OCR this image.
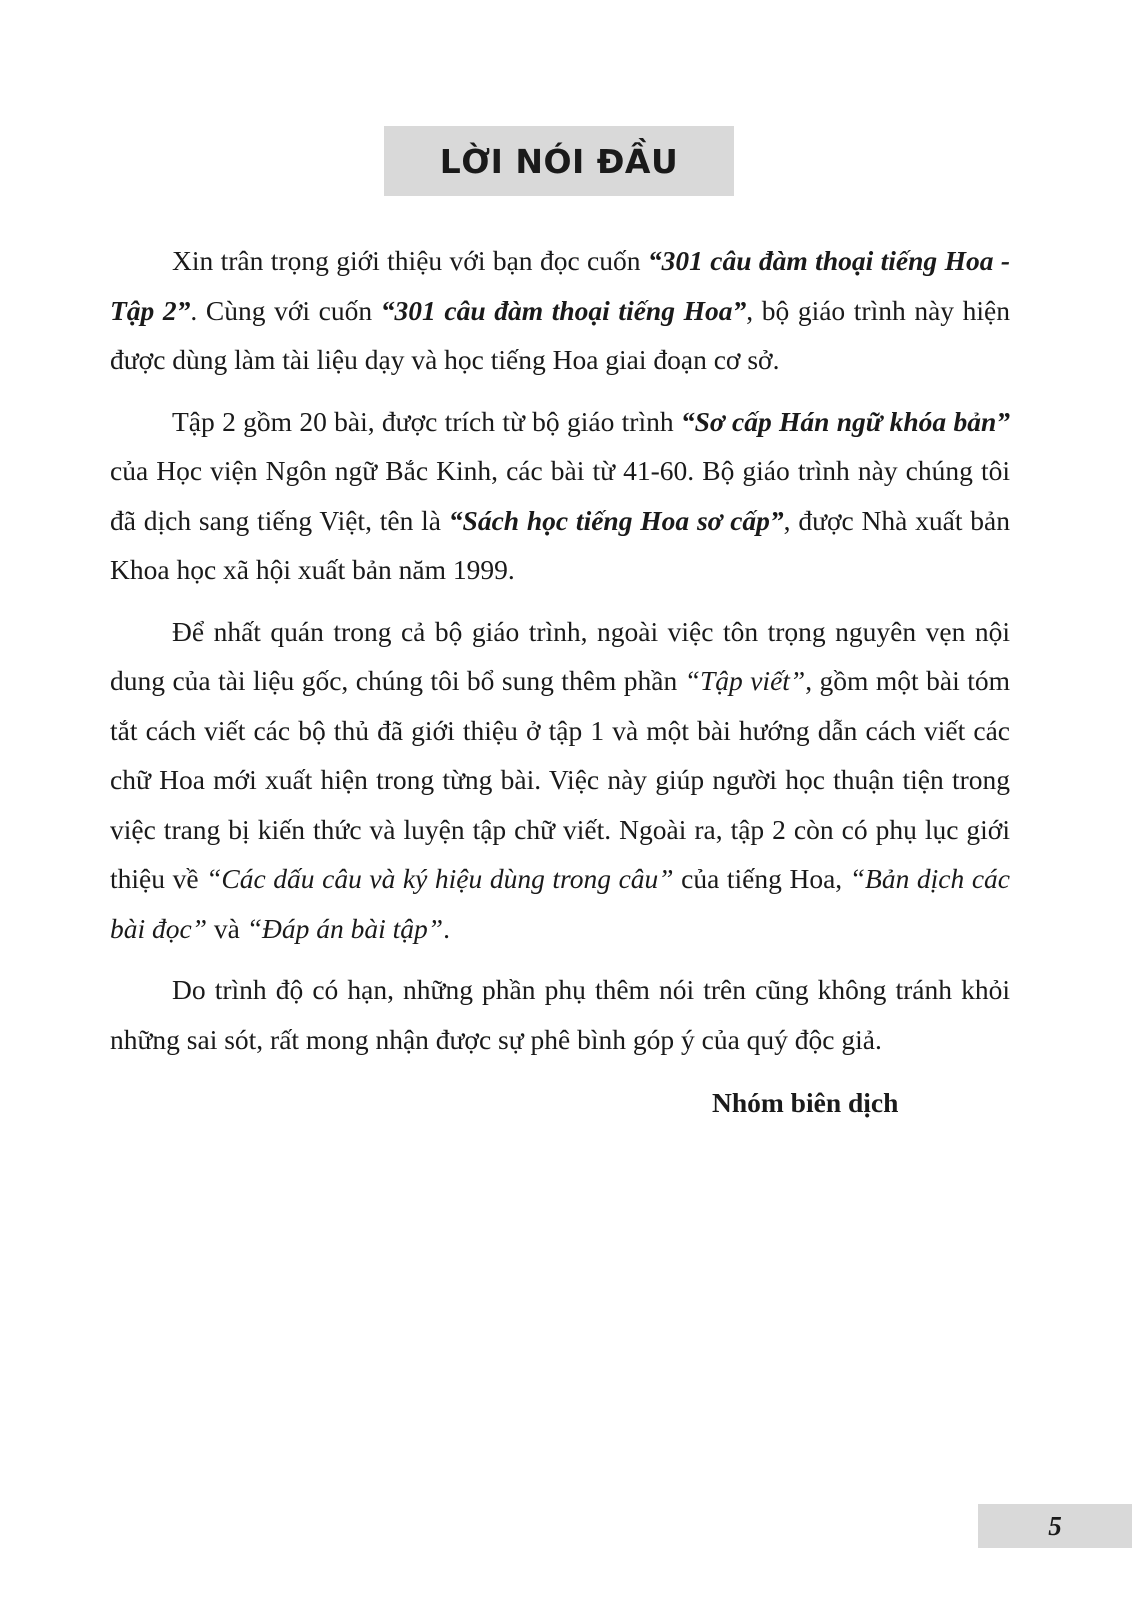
LỜI NÓI ĐẦU

Xin trân trọng giới thiệu với bạn đọc cuốn “301 câu đàm thoại tiếng Hoa - Tập 2”. Cùng với cuốn “301 câu đàm thoại tiếng Hoa”, bộ giáo trình này hiện được dùng làm tài liệu dạy và học tiếng Hoa giai đoạn cơ sở.

Tập 2 gồm 20 bài, được trích từ bộ giáo trình “Sơ cấp Hán ngữ khóa bản” của Học viện Ngôn ngữ Bắc Kinh, các bài từ 41-60. Bộ giáo trình này chúng tôi đã dịch sang tiếng Việt, tên là “Sách học tiếng Hoa sơ cấp”, được Nhà xuất bản Khoa học xã hội xuất bản năm 1999.

Để nhất quán trong cả bộ giáo trình, ngoài việc tôn trọng nguyên vẹn nội dung của tài liệu gốc, chúng tôi bổ sung thêm phần “Tập viết”, gồm một bài tóm tắt cách viết các bộ thủ đã giới thiệu ở tập 1 và một bài hướng dẫn cách viết các chữ Hoa mới xuất hiện trong từng bài. Việc này giúp người học thuận tiện trong việc trang bị kiến thức và luyện tập chữ viết. Ngoài ra, tập 2 còn có phụ lục giới thiệu về “Các dấu câu và ký hiệu dùng trong câu” của tiếng Hoa, “Bản dịch các bài đọc” và “Đáp án bài tập”.

Do trình độ có hạn, những phần phụ thêm nói trên cũng không tránh khỏi những sai sót, rất mong nhận được sự phê bình góp ý của quý độc giả.

Nhóm biên dịch
5
